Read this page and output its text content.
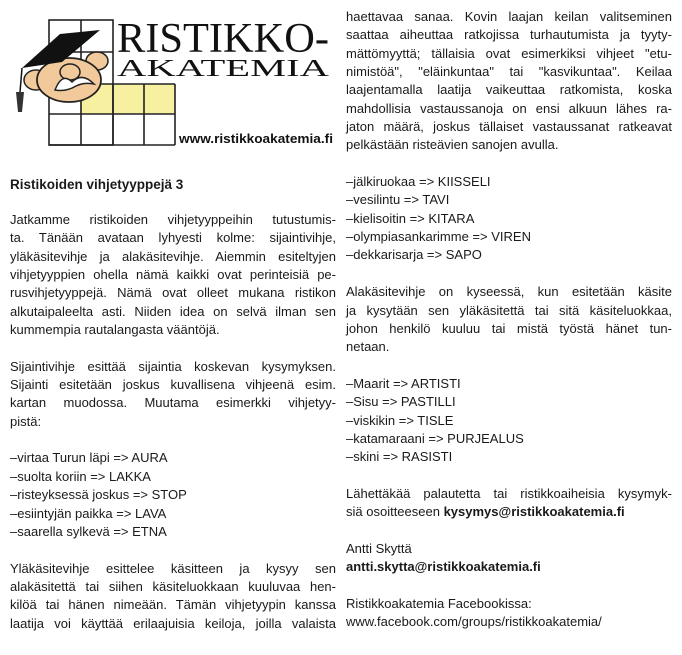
RISTIKKO-
AKATEMIA
www.ristikkoakatemia.fi
Ristikoiden vihjetyyppejä 3
Jatkamme ristikoiden vihjetyyppeihin tutustumis-
ta. Tänään avataan lyhyesti kolme: sijaintivihje,
yläkäsitevihje ja alakäsitevihje. Aiemmin esiteltyjen
vihjetyyppien ohella nämä kaikki ovat perinteisiä pe-
rusvihjetyyppejä. Nämä ovat olleet mukana ristikon
alkutaipaleelta asti. Niiden idea on selvä ilman sen
kummempia rautalangasta vääntöjä.
Sijaintivihje esittää sijaintia koskevan kysymyksen.
Sijainti esitetään joskus kuvallisena vihjeenä esim.
kartan muodossa. Muutama esimerkki vihjetyy-
pistä:
–virtaa Turun läpi => AURA
–suolta koriin => LAKKA
–risteyksessä joskus => STOP
–esiintyjän paikka => LAVA
–saarella sylkevä => ETNA
Yläkäsitevihje esittelee käsitteen ja kysyy sen
alakäsitettä tai siihen käsiteluokkaan kuuluvaa hen-
kilöä tai hänen nimeään. Tämän vihjetyypin kanssa
laatija voi käyttää erilaajuisia keiloja, joilla valaista
haettavaa sanaa. Kovin laajan keilan valitseminen
saattaa aiheuttaa ratkojissa turhautumista ja tyyty-
mättömyyttä; tällaisia ovat esimerkiksi vihjeet "etu-
nimistöä", "eläinkuntaa" tai "kasvikuntaa". Keilaa
laajentamalla laatija vaikeuttaa ratkomista, koska
mahdollisia vastaussanoja on ensi alkuun lähes ra-
jaton määrä, joskus tällaiset vastaussanat ratkeavat
pelkästään risteävien sanojen avulla.
–jälkiruokaa => KIISSELI
–vesilintu => TAVI
–kielisoitin => KITARA
–olympiasankarimme => VIREN
–dekkarisarja => SAPO
Alakäsitevihje on kyseessä, kun esitetään käsite
ja kysytään sen yläkäsitettä tai sitä käsiteluokkaa,
johon henkilö kuuluu tai mistä työstä hänet tun-
netaan.
–Maarit => ARTISTI
–Sisu => PASTILLI
–viskikin => TISLE
–katamaraani => PURJEALUS
–skini => RASISTI
Lähettäkää palautetta tai ristikkoaiheisia kysymyk-
siä osoitteeseen kysymys@ristikkoakatemia.fi
Antti Skyttä
antti.skytta@ristikkoakatemia.fi
Ristikkoakatemia Facebookissa:
www.facebook.com/groups/ristikkoakatemia/
